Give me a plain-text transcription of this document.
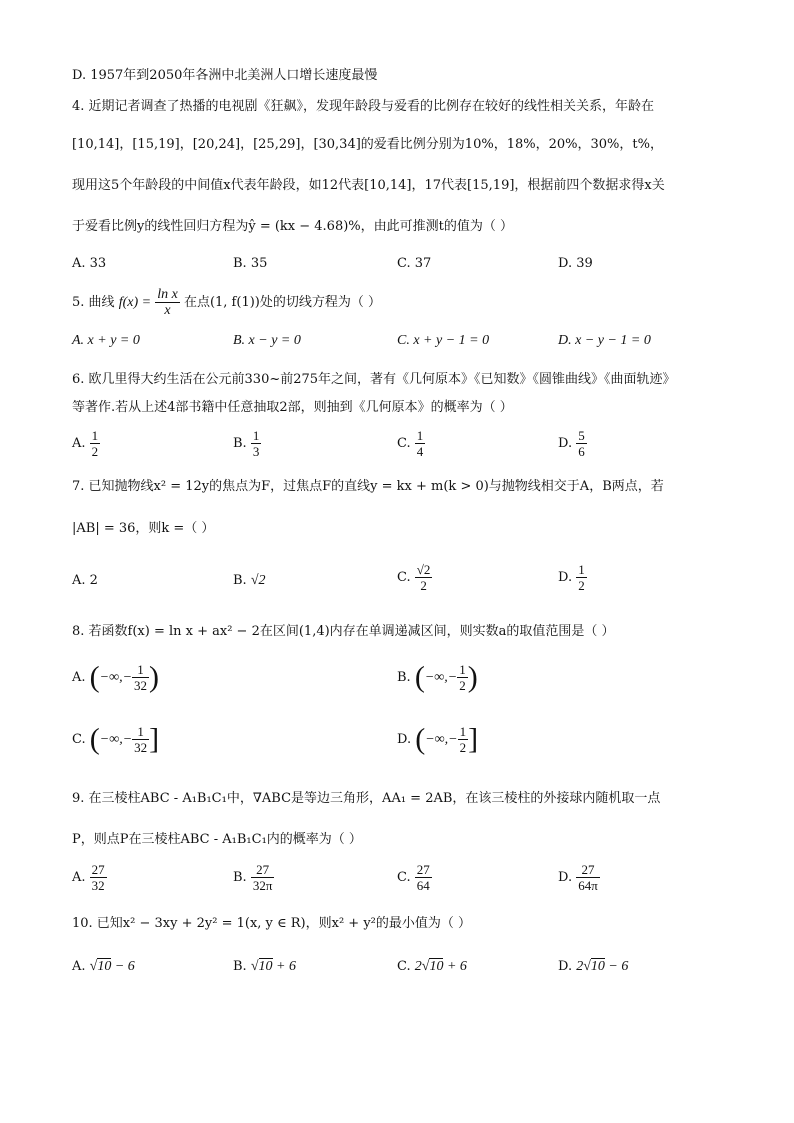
D. 1957年到2050年各洲中北美洲人口增长速度最慢
4. 近期记者调查了热播的电视剧《狂飙》，发现年龄段与爱看的比例存在较好的线性相关关系，年龄在
[10,14]，[15,19]，[20,24]，[25,29]，[30,34]的爱看比例分别为10%，18%，20%，30%，t%，
现用这5个年龄段的中间值x代表年龄段，如12代表[10,14]，17代表[15,19]，根据前四个数据求得x关
于爱看比例y的线性回归方程为ŷ = (kx − 4.68)%，由此可推测t的值为（ ）
A. 33	B. 35	C. 37	D. 39
5. 曲线 $f(x) = \frac{\text{ln x}}{x}$ 在点(1, f(1))处的切线方程为（ ）
A. x + y = 0	B. x − y = 0	C. x + y − 1 = 0	D. x − y − 1 = 0
6. 欧几里得大约生活在公元前330~前275年之间，著有《几何原本》《已知数》《圆锥曲线》《曲面轨迹》
等著作.若从上述4部书籍中任意抽取2部，则抽到《几何原本》的概率为（ ）
A. $\frac{1}{2}$	B. $\frac{1}{3}$	C. $\frac{1}{4}$	D. $\frac{5}{6}$
7. 已知抛物线x² = 12y的焦点为F，过焦点F的直线y = kx + m(k > 0)与抛物线相交于A，B两点，若
|AB| = 36，则k =（ ）
A. 2	B. √2	C. $\frac{√2}{2}$	D. $\frac{1}{2}$
8. 若函数f(x) = ln x + ax² − 2在区间(1,4)内存在单调递减区间，则实数a的取值范围是（ ）
A. (−∞,− $\frac{1}{32}$ )	B. (−∞,− $\frac{1}{2}$ )
C. (−∞,− $\frac{1}{32}$ ]	D. (−∞,− $\frac{1}{2}$ ]
9. 在三棱柱ABC - A₁B₁C₁中，∇ABC是等边三角形，AA₁ = 2AB，在该三棱柱的外接球内随机取一点
P，则点P在三棱柱ABC - A₁B₁C₁内的概率为（ ）
A. $\frac{27}{32}$	B. $\frac{27}{32\pi}$	C. $\frac{27}{64}$	D. $\frac{27}{64\pi}$
10. 已知x² − 3xy + 2y² = 1(x, y ∈ R)，则x² + y²的最小值为（ ）
A. √10 − 6	B. √10 + 6	C. 2√10 + 6	D. 2√10 − 6
